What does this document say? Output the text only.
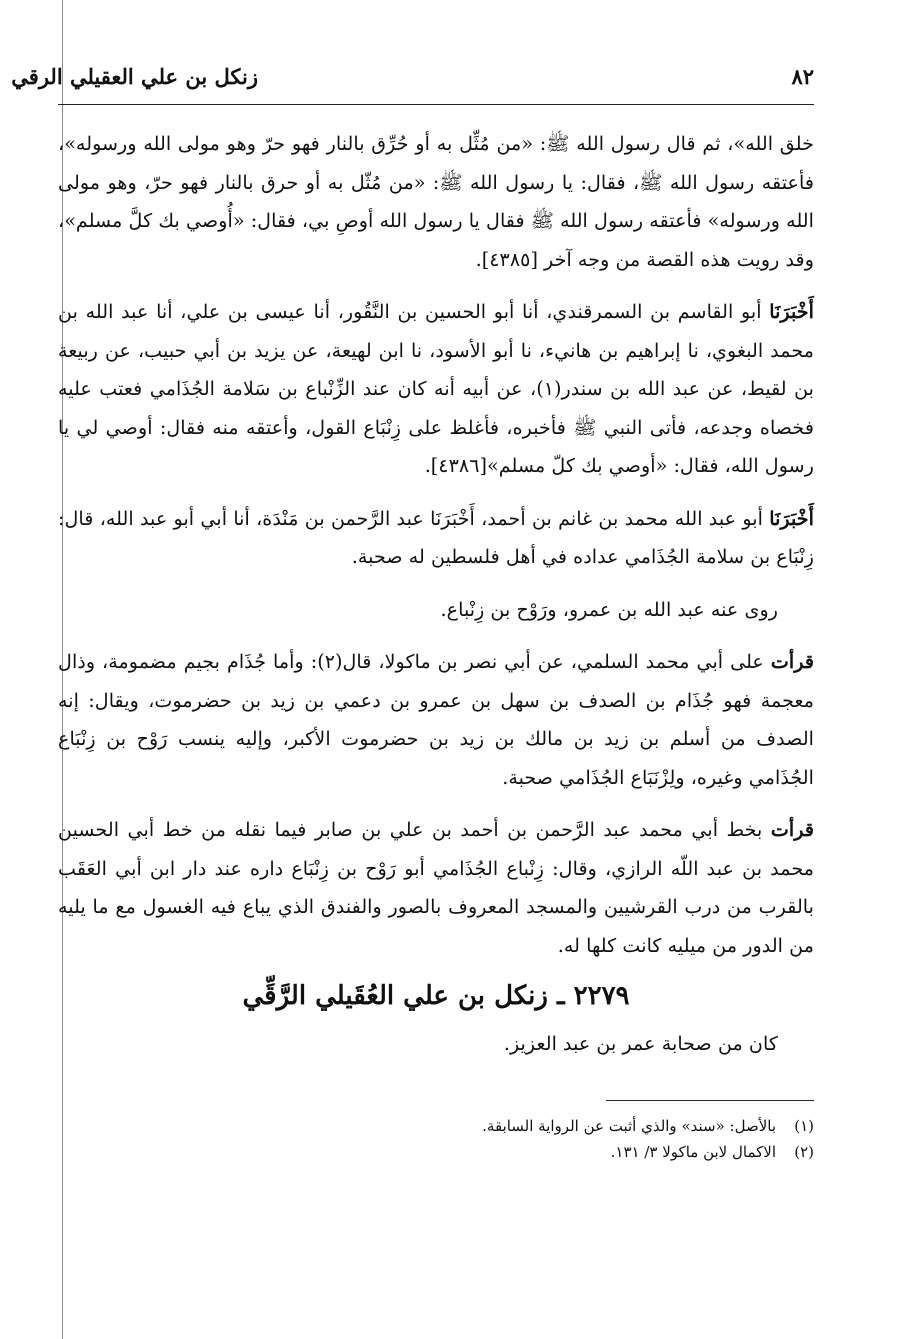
٨٢
زنكل بن علي العقيلي الرقي

خلق الله»، ثم قال رسول الله ﷺ: «من مُثِّل به أو حُرِّق بالنار فهو حرّ وهو مولى الله ورسوله»، فأعتقه رسول الله ﷺ، فقال: يا رسول الله ﷺ: «من مُثّل به أو حرق بالنار فهو حرّ، وهو مولى الله ورسوله» فأعتقه رسول الله ﷺ فقال يا رسول الله أوصِ بي، فقال: «أُوصي بك كلَّ مسلم»، وقد رويت هذه القصة من وجه آخر [٤٣٨٥].

أَخْبَرَنَا أبو القاسم بن السمرقندي، أنا أبو الحسين بن النَّقُور، أنا عيسى بن علي، أنا عبد الله بن محمد البغوي، نا إبراهيم بن هانيء، نا أبو الأسود، نا ابن لهيعة، عن يزيد بن أبي حبيب، عن ربيعة بن لقيط، عن عبد الله بن سندر(١)، عن أبيه أنه كان عند الزِّنْباع بن سَلامة الجُذَامي فعتب عليه فخصاه وجدعه، فأتى النبي ﷺ فأخبره، فأغلظ على زِنْبَاع القول، وأعتقه منه فقال: أوصي لي يا رسول الله، فقال: «أوصي بك كلّ مسلم»[٤٣٨٦].

أَخْبَرَنَا أبو عبد الله محمد بن غانم بن أحمد، أَخْبَرَنَا عبد الرَّحمن بن مَنْدَة، أنا أبي أبو عبد الله، قال: زِنْبَاع بن سلامة الجُذَامي عداده في أهل فلسطين له صحبة.

روى عنه عبد الله بن عمرو، ورَوْح بن زِنْباع.

قرأت على أبي محمد السلمي، عن أبي نصر بن ماكولا، قال(٢): وأما جُذَام بجيم مضمومة، وذال معجمة فهو جُذَام بن الصدف بن سهل بن عمرو بن دعمي بن زيد بن حضرموت، ويقال: إنه الصدف من أسلم بن زيد بن مالك بن زيد بن حضرموت الأكبر، وإليه ينسب رَوْح بن زِنْبَاع الجُذَامي وغيره، ولِزْنَبَاع الجُذَامي صحبة.

قرأت بخط أبي محمد عبد الرَّحمن بن أحمد بن علي بن صابر فيما نقله من خط أبي الحسين محمد بن عبد اللّه الرازي، وقال: زِنْباع الجُذَامي أبو رَوْح بن زِنْبَاع داره عند دار ابن أبي العَقَب بالقرب من درب القرشيين والمسجد المعروف بالصور والفندق الذي يباع فيه الغسول مع ما يليه من الدور من ميليه كانت كلها له.

٢٢٧٩ ـ زنكل بن علي العُقَيلي الرَّقِّي

كان من صحابة عمر بن عبد العزيز.

(١)بالأصل: «سند» والذي أثبت عن الرواية السابقة.

(٢)الاكمال لابن ماكولا ٣/ ١٣١.
